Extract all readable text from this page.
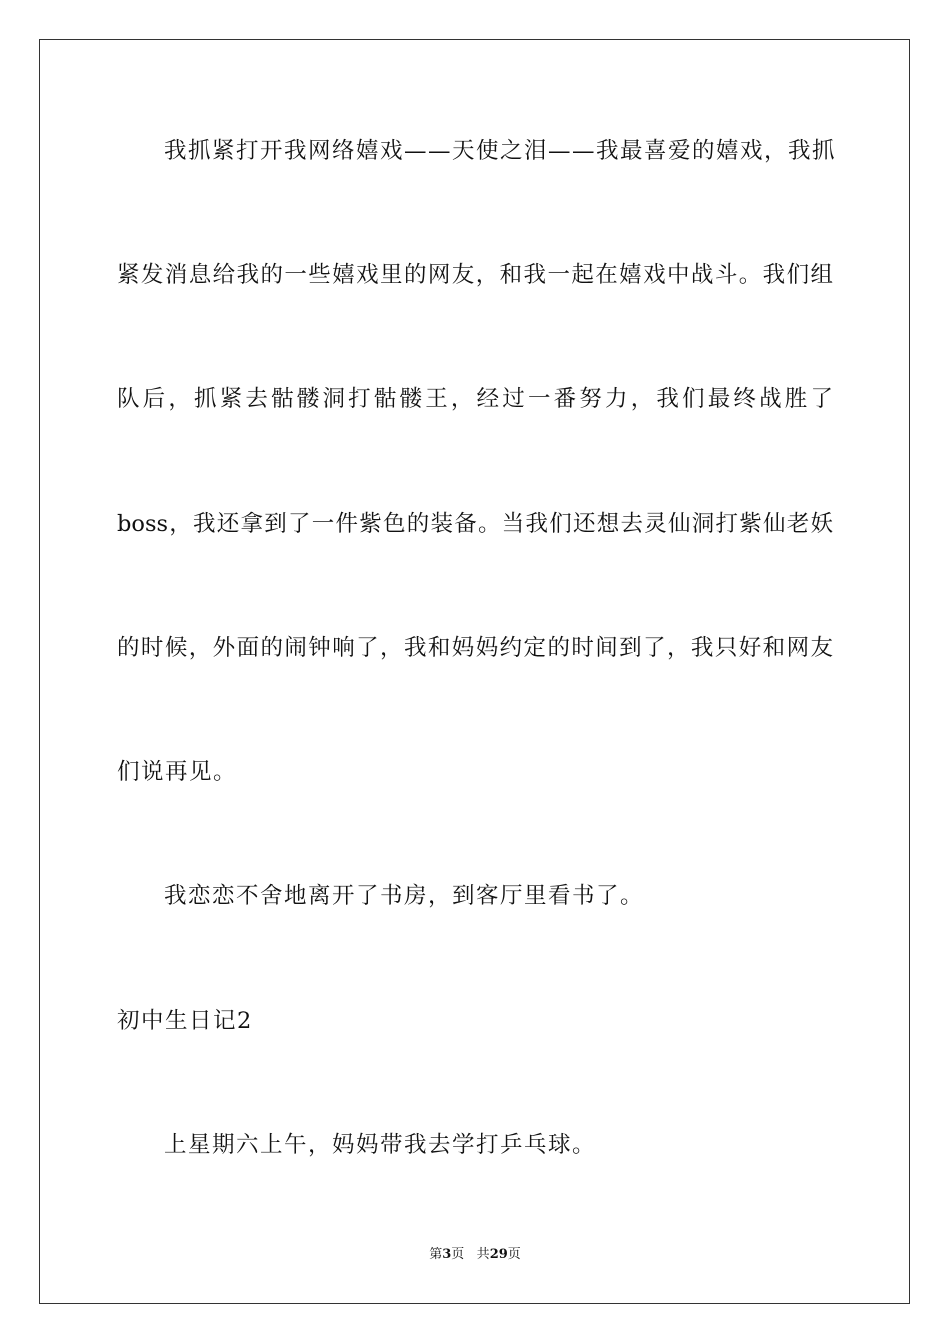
我抓紧打开我网络嬉戏——天使之泪——我最喜爱的嬉戏，我抓
紧发消息给我的一些嬉戏里的网友，和我一起在嬉戏中战斗。我们组
队后，抓紧去骷髅洞打骷髅王，经过一番努力，我们最终战胜了
boss，我还拿到了一件紫色的装备。当我们还想去灵仙洞打紫仙老妖
的时候，外面的闹钟响了，我和妈妈约定的时间到了，我只好和网友
们说再见。
我恋恋不舍地离开了书房，到客厅里看书了。
初中生日记2
上星期六上午，妈妈带我去学打乒乓球。
第3页 共29页
